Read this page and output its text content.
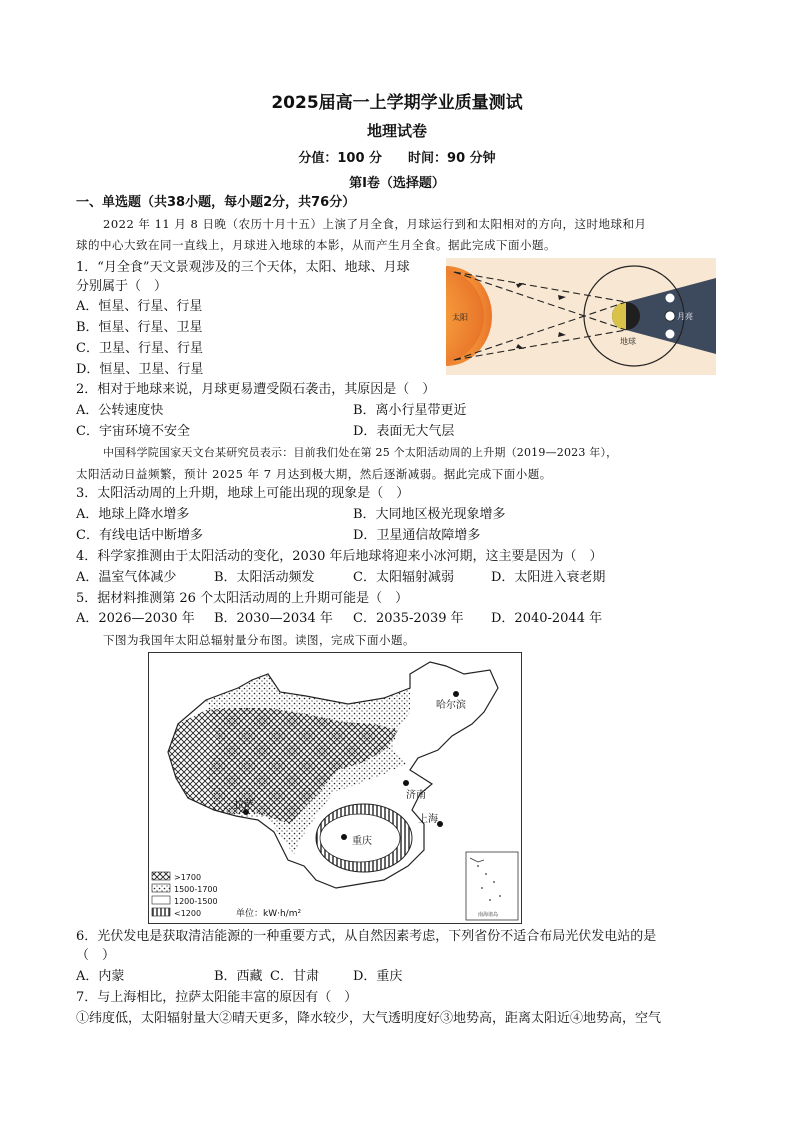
2025届高一上学期学业质量测试
地理试卷
分值：100 分　　时间：90 分钟
第Ⅰ卷（选择题）
一、单选题（共38小题，每小题2分，共76分）
2022 年 11 月 8 日晚（农历十月十五）上演了月全食，月球运行到和太阳相对的方向，这时地球和月
球的中心大致在同一直线上，月球进入地球的本影，从而产生月全食。据此完成下面小题。
1．“月全食”天文景观涉及的三个天体，太阳、地球、月球
分别属于（　）
A．恒星、行星、行星
B．恒星、行星、卫星
C．卫星、行星、行星
D．恒星、卫星、行星
太阳
地球
月亮
2．相对于地球来说，月球更易遭受陨石袭击，其原因是（　）
A．公转速度快	B．离小行星带更近
C．宇宙环境不安全	D．表面无大气层
中国科学院国家天文台某研究员表示：目前我们处在第 25 个太阳活动周的上升期（2019—2023 年），
太阳活动日益频繁，预计 2025 年 7 月达到极大期，然后逐渐减弱。据此完成下面小题。
3．太阳活动周的上升期，地球上可能出现的现象是（　）
A．地球上降水增多	B．大同地区极光现象增多
C．有线电话中断增多	D．卫星通信故障增多
4．科学家推测由于太阳活动的变化，2030 年后地球将迎来小冰河期，这主要是因为（　）
A．温室气体减少	B．太阳活动频发	C．太阳辐射减弱	D．太阳进入衰老期
5．据材料推测第 26 个太阳活动周的上升期可能是（　）
A．2026—2030 年 B．2030—2034 年 C．2035-2039 年 D．2040-2044 年
下图为我国年太阳总辐射量分布图。读图，完成下面小题。
哈尔滨
拉萨
济南
上海
重庆
南海诸岛
>1700
1500-1700
1200-1500
<1200	单位：kW·h/m²
6．光伏发电是获取清洁能源的一种重要方式，从自然因素考虑，下列省份不适合布局光伏发电站的是
（　）
A．内蒙	B．西藏 C．甘肃	D．重庆
7．与上海相比，拉萨太阳能丰富的原因有（　）
①纬度低，太阳辐射量大②晴天更多，降水较少，大气透明度好③地势高，距离太阳近④地势高，空气
